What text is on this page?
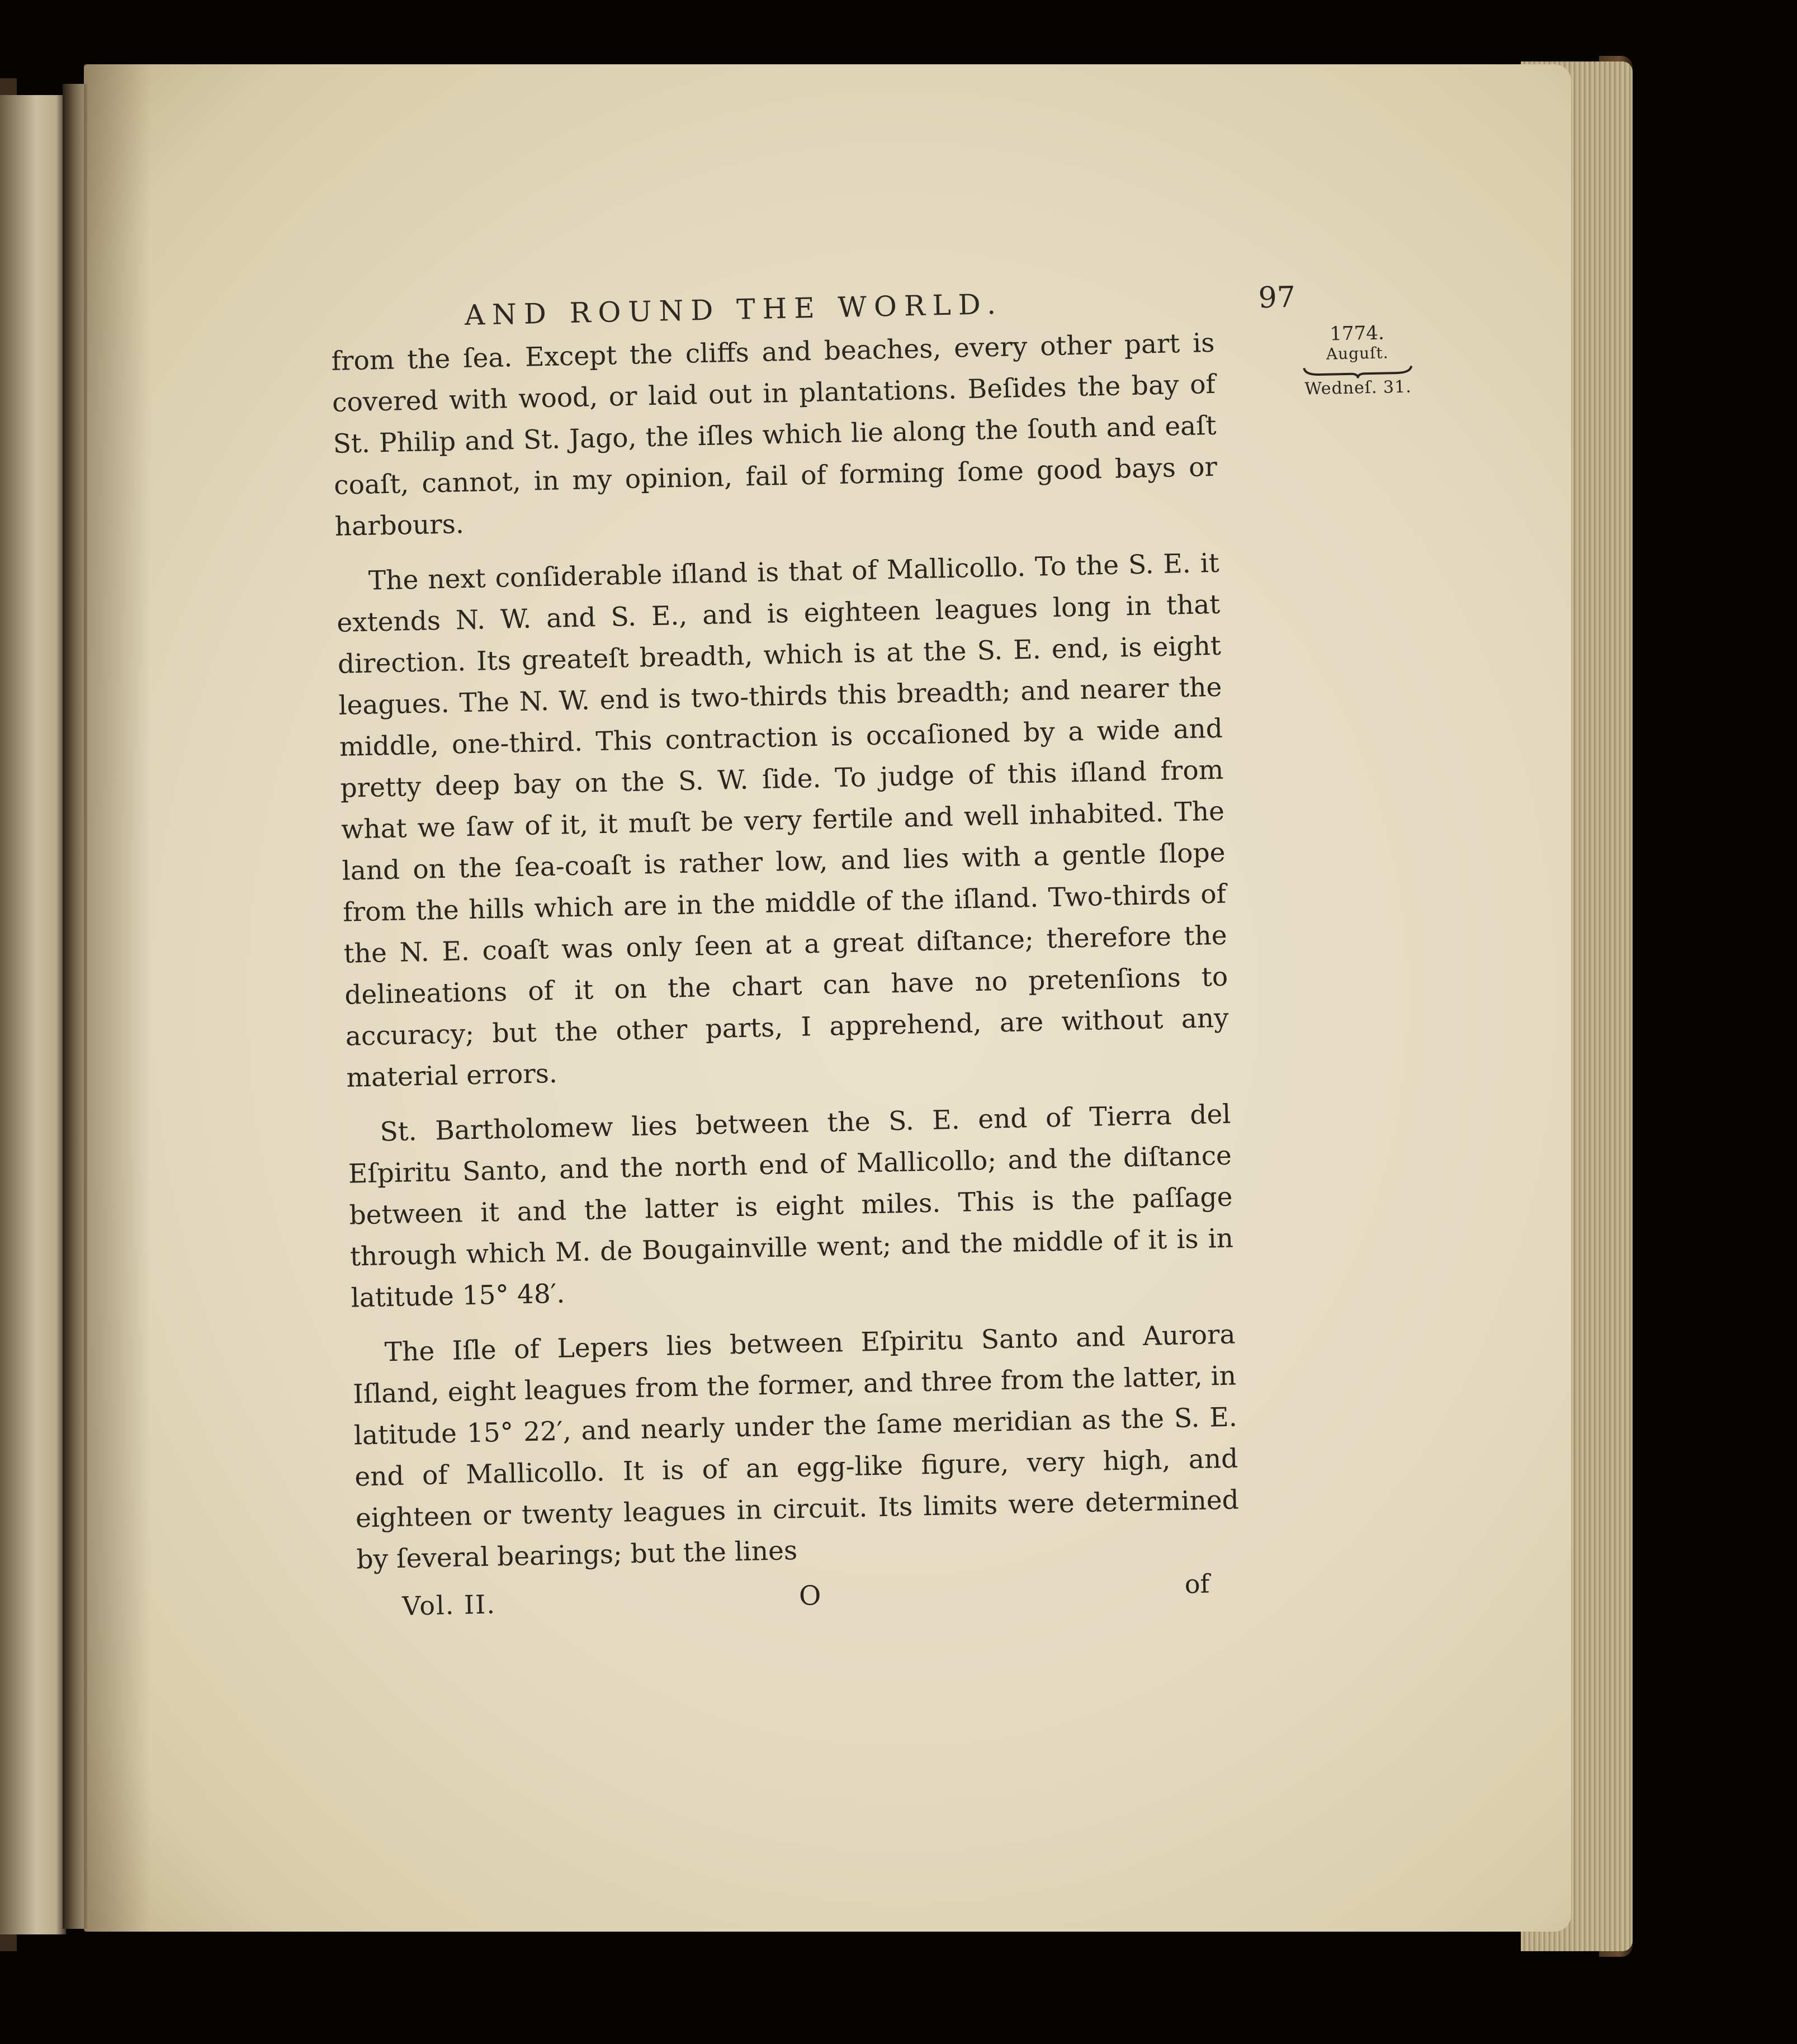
AND ROUND THE WORLD.	97
1774.
Auguſt.
Wedneſ. 31.

from the ſea. Except the cliffs and beaches, every other part is covered with wood, or laid out in plantations. Beſides the bay of St. Philip and St. Jago, the iſles which lie along the ſouth and eaſt coaſt, cannot, in my opinion, fail of forming ſome good bays or harbours.

The next conſiderable iſland is that of Mallicollo. To the S. E. it extends N. W. and S. E., and is eighteen leagues long in that direction. Its greateſt breadth, which is at the S. E. end, is eight leagues. The N. W. end is two-thirds this breadth; and nearer the middle, one-third. This contraction is occaſioned by a wide and pretty deep bay on the S. W. ſide. To judge of this iſland from what we ſaw of it, it muſt be very fertile and well inhabited. The land on the ſea-coaſt is rather low, and lies with a gentle ſlope from the hills which are in the middle of the iſland. Two-thirds of the N. E. coaſt was only ſeen at a great diſtance; therefore the delineations of it on the chart can have no pretenſions to accuracy; but the other parts, I apprehend, are without any material errors.

St. Bartholomew lies between the S. E. end of Tierra del Eſpiritu Santo, and the north end of Mallicollo; and the diſtance between it and the latter is eight miles. This is the paſſage through which M. de Bougainville went; and the middle of it is in latitude 15° 48′.

The Iſle of Lepers lies between Eſpiritu Santo and Aurora Iſland, eight leagues from the former, and three from the latter, in latitude 15° 22′, and nearly under the ſame meridian as the S. E. end of Mallicollo. It is of an egg-like figure, very high, and eighteen or twenty leagues in circuit. Its limits were determined by ſeveral bearings; but the lines

Vol. II.	O	of
